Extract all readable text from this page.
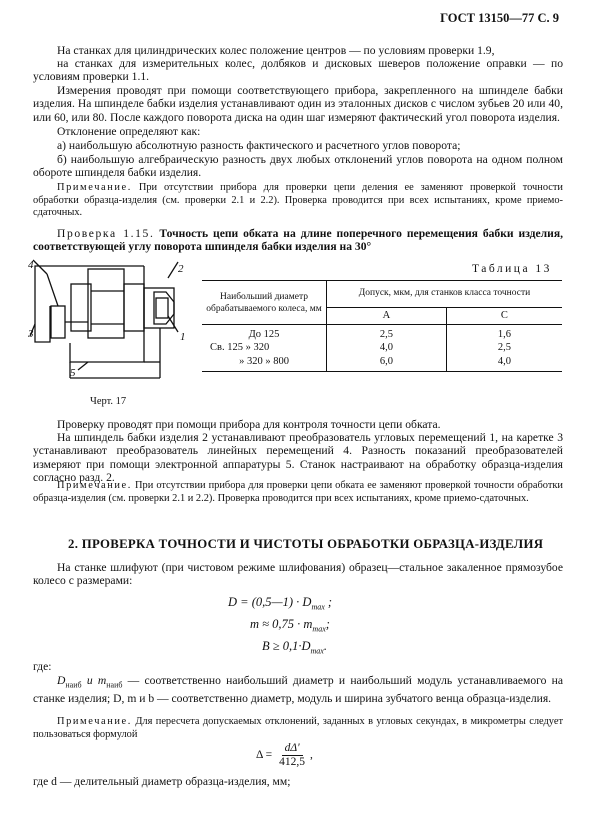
ГОСТ 13150—77 С. 9
На станках для цилиндрических колес положение центров — по условиям проверки 1.9,
на станках для измерительных колес, долбяков и дисковых шеверов положение оправки — по условиям проверки 1.1.
Измерения проводят при помощи соответствующего прибора, закрепленного на шпинделе бабки изделия. На шпинделе бабки изделия устанавливают один из эталонных дисков с числом зубьев 20 или 40, или 60, или 80. После каждого поворота диска на один шаг измеряют фактический угол поворота изделия.
Отклонение определяют как:
а) наибольшую абсолютную разность фактического и расчетного углов поворота;
б) наибольшую алгебраическую разность двух любых отклонений углов поворота на одном полном обороте шпинделя бабки изделия.
Примечание. При отсутствии прибора для проверки цепи деления ее заменяют проверкой точности обработки образца-изделия (см. проверки 2.1 и 2.2). Проверка проводится при всех испытаниях, кроме приемо-сдаточных.
Проверка 1.15. Точность цепи обката на длине поперечного перемещения бабки изделия, соответствующей углу поворота шпинделя бабки изделия на 30°
4	2
3	1
5
Черт. 17
Таблица 13
Наибольший диаметр обрабатываемого колеса, мм	Допуск, мкм, для станков класса точности	
	А	С
До 125	2,5	1,6
Св. 125 » 320	4,0	2,5
» 320 » 800	6,0	4,0
Проверку проводят при помощи прибора для контроля точности цепи обката.
На шпиндель бабки изделия 2 устанавливают преобразователь угловых перемещений 1, на каретке 3 устанавливают преобразователь линейных перемещений 4. Разность показаний преобразователей измеряют при помощи электронной аппаратуры 5. Станок настраивают на обработку образца-изделия согласно разд. 2.
Примечание. При отсутствии прибора для проверки цепи обката ее заменяют проверкой точности обработки образца-изделия (см. проверки 2.1 и 2.2). Проверка проводится при всех испытаниях, кроме приемо-сдаточных.
2. ПРОВЕРКА ТОЧНОСТИ И ЧИСТОТЫ ОБРАБОТКИ ОБРАЗЦА-ИЗДЕЛИЯ
На станке шлифуют (при чистовом режиме шлифования) образец—стальное закаленное прямозубое колесо с размерами:
D = (0,5—1) · $D_{max}$ ;
$m \approx 0,75 \cdot m_{max}$;
$B \ge 0,1\cdot D_{max}$.
где:
$D_{наиб}$ и $m_{наиб}$ — соответственно наибольший диаметр и наибольший модуль устанавливаемого на станке изделия; D, m и b — соответственно диаметр, модуль и ширина зубчатого венца образца-изделия.
Примечание. Для пересчета допускаемых отклонений, заданных в угловых секундах, в микрометры следует пользоваться формулой
$\Delta = \frac{d\Delta'}{412,5}$ ,
где d — делительный диаметр образца-изделия, мм;
